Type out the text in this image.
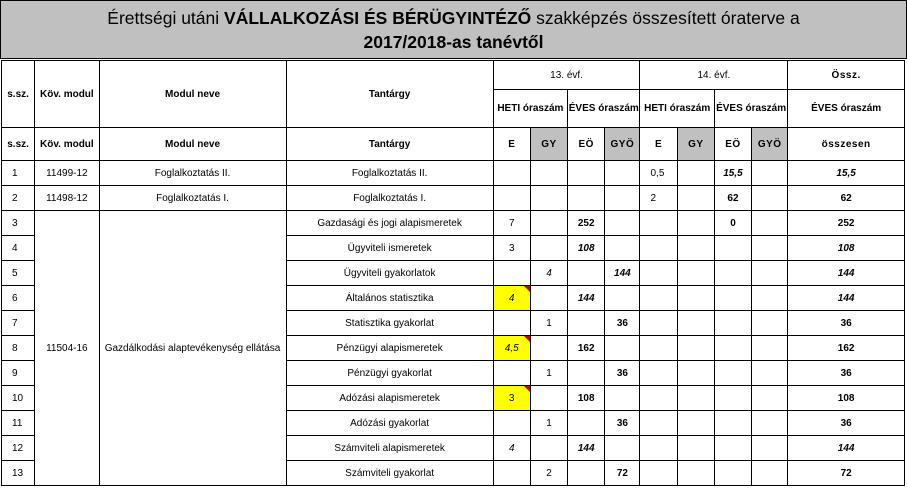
Érettségi utáni VÁLLALKOZÁSI ÉS BÉRÜGYINTÉZŐ szakképzés összesített óraterve a
2017/2018-as tanévtől
s.sz.	Köv. modul	Modul neve	Tantárgy	13. évf.				14. évf.				Össz.
				HETI óraszám		ÉVES óraszám		HETI óraszám		ÉVES óraszám		ÉVES óraszám
s.sz.	Köv. modul	Modul neve	Tantárgy	E	GY	EÖ	GYÖ	E	GY	EÖ	GYÖ	összesen
1	11499-12	Foglalkoztatás II.	Foglalkoztatás II.					0,5		15,5		15,5
2	11498-12	Foglalkoztatás I.	Foglalkoztatás I.					2		62		62
3	11504-16	Gazdálkodási alaptevékenység ellátása	Gazdasági és jogi alapismeretek	7		252				0		252
4			Ügyviteli ismeretek	3		108						108
5			Ügyviteli gyakorlatok		4		144					144
6			Általános statisztika	4		144						144
7			Statisztika gyakorlat		1		36					36
8			Pénzügyi alapismeretek	4,5		162						162
9			Pénzügyi gyakorlat		1		36					36
10			Adózási alapismeretek	3		108						108
11			Adózási gyakorlat		1		36					36
12			Számviteli alapismeretek	4		144						144
13			Számviteli gyakorlat		2		72					72
